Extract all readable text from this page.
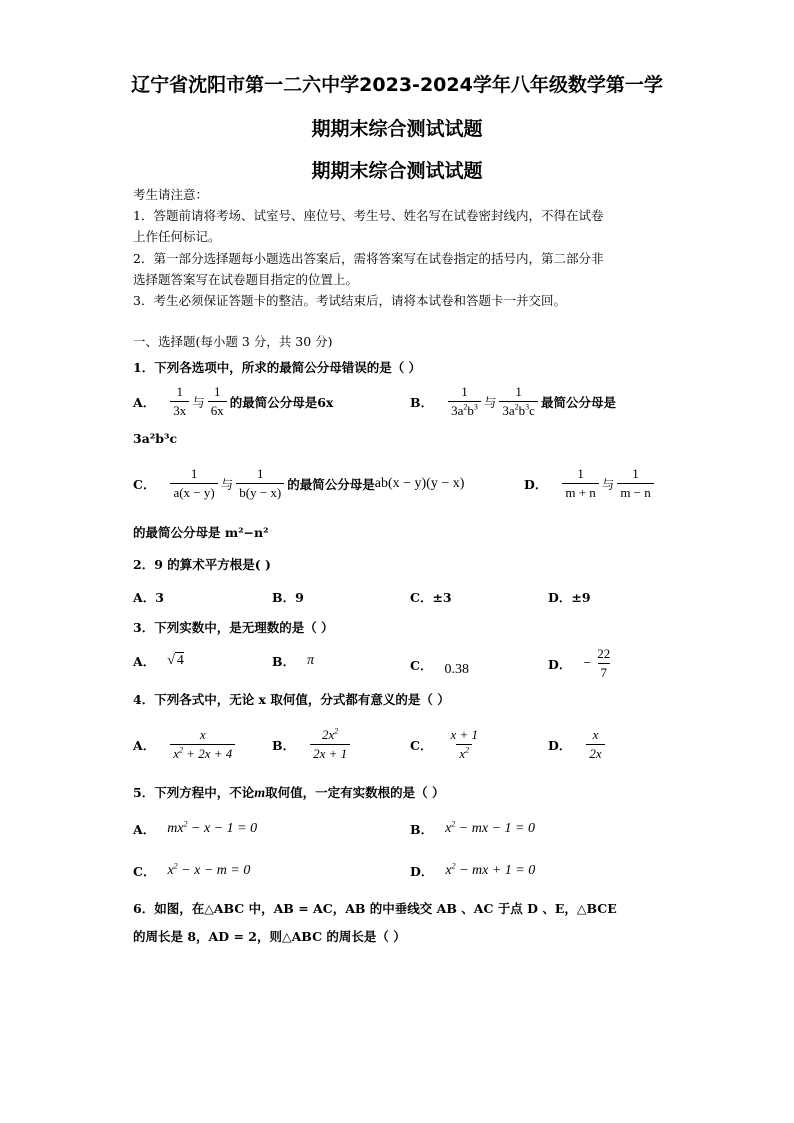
辽宁省沈阳市第一二六中学2023-2024学年八年级数学第一学
期期末综合测试试题
期期末综合测试试题
考生请注意：
1．答题前请将考场、试室号、座位号、考生号、姓名写在试卷密封线内，不得在试卷
上作任何标记。
2．第一部分选择题每小题选出答案后，需将答案写在试卷指定的括号内，第二部分非
选择题答案写在试卷题目指定的位置上。
3．考生必须保证答题卡的整洁。考试结束后，请将本试卷和答题卡一并交回。
一、选择题(每小题 3 分，共 30 分)
1．下列各选项中，所求的最简公分母错误的是（ ）
A． $\frac{1}{3x}$ 与 $\frac{1}{6x}$ 的最简公分母是6x	B． $\frac{1}{3a^2b^3}$ 与 $\frac{1}{3a^2b^3c}$ 最简公分母是
3a²b³c
C． $\frac{1}{a(x - y)}$ 与 $\frac{1}{b(y - x)}$ 的最简公分母是 ab(x − y)(y − x)	D． $\frac{1}{m + n}$ 与 $\frac{1}{m - n}$
的最简公分母是 m²−n²
2．9 的算术平方根是( )
A．3	B．9	C．±3	D．±9
3．下列实数中，是无理数的是（ ）
A． √ 4	B． π	C． 0.38	D． − $\frac{22}{7}$
4．下列各式中，无论 x 取何值，分式都有意义的是（ ）
A． $\frac{x}{x^2 + 2x + 4}$	B． $\frac{2x^2}{2x + 1}$	C． $\frac{x + 1}{x^2}$	D． $\frac{x}{2x}$
5．下列方程中，不论m取何值，一定有实数根的是（ ）
A． $mx^2 - x - 1 = 0$	B． $x^2$ − mx − 1 = 0
C． $x^2 - x - m = 0$	D． $x^2$ − mx + 1 = 0
6．如图，在△ABC 中，AB = AC，AB 的中垂线交 AB 、AC 于点 D 、E，△BCE
的周长是 8，AD = 2，则△ABC 的周长是（ ）
